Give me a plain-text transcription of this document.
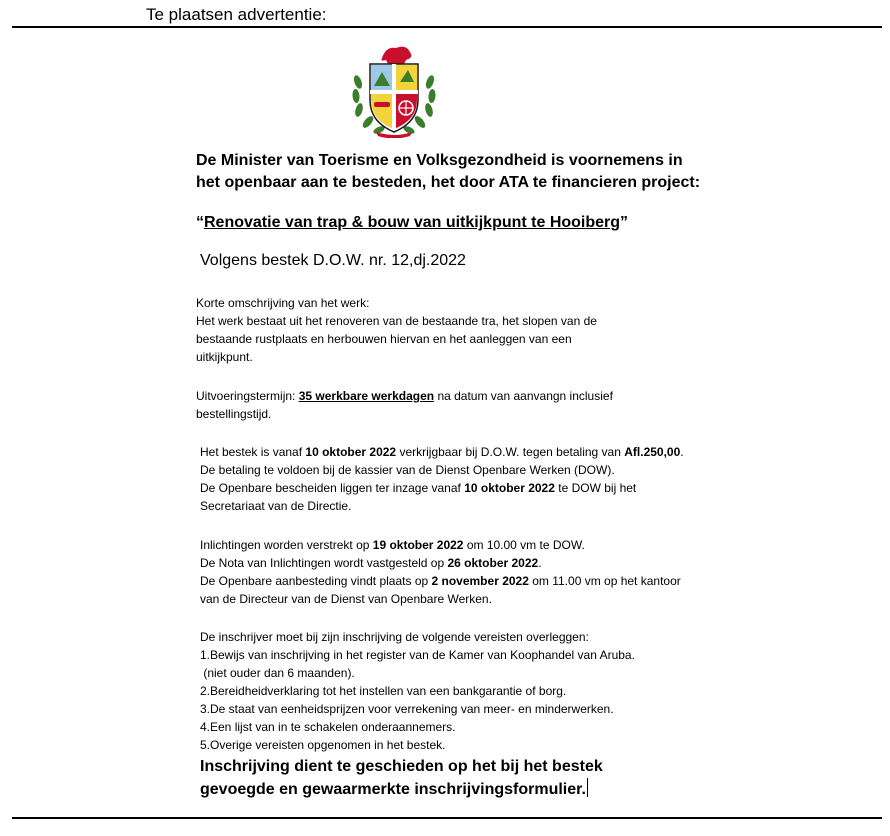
Te plaatsen advertentie:
De Minister van Toerisme en Volksgezondheid is voornemens in
het openbaar aan te besteden, het door ATA te financieren project:
“Renovatie van trap & bouw van uitkijkpunt te Hooiberg”
Volgens bestek D.O.W. nr. 12,dj.2022
Korte omschrijving van het werk:
Het werk bestaat uit het renoveren van de bestaande tra, het slopen van de
bestaande rustplaats en herbouwen hiervan en het aanleggen van een
uitkijkpunt.
Uitvoeringstermijn: 35 werkbare werkdagen na datum van aanvangn inclusief
bestellingstijd.
Het bestek is vanaf 10 oktober 2022 verkrijgbaar bij D.O.W. tegen betaling van Afl.250,00.
De betaling te voldoen bij de kassier van de Dienst Openbare Werken (DOW).
De Openbare bescheiden liggen ter inzage vanaf 10 oktober 2022 te DOW bij het
Secretariaat van de Directie.
Inlichtingen worden verstrekt op 19 oktober 2022 om 10.00 vm te DOW.
De Nota van Inlichtingen wordt vastgesteld op 26 oktober 2022.
De Openbare aanbesteding vindt plaats op 2 november 2022 om 11.00 vm op het kantoor
van de Directeur van de Dienst van Openbare Werken.
De inschrijver moet bij zijn inschrijving de volgende vereisten overleggen:
1.Bewijs van inschrijving in het register van de Kamer van Koophandel van Aruba.
(niet ouder dan 6 maanden).
2.Bereidheidverklaring tot het instellen van een bankgarantie of borg.
3.De staat van eenheidsprijzen voor verrekening van meer- en minderwerken.
4.Een lijst van in te schakelen onderaannemers.
5.Overige vereisten opgenomen in het bestek.
Inschrijving dient te geschieden op het bij het bestek
gevoegde en gewaarmerkte inschrijvingsformulier.
